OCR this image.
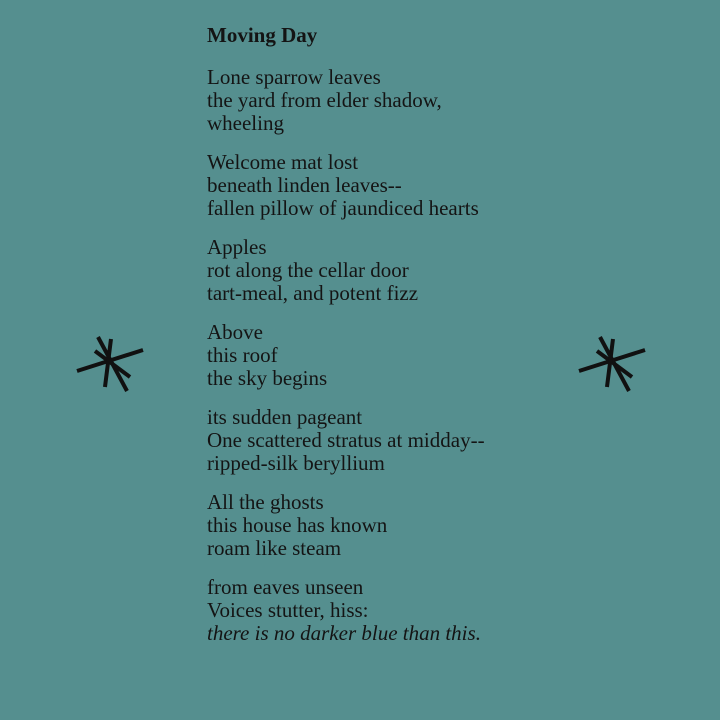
Moving Day
Lone sparrow leaves
the yard from elder shadow,
wheeling
Welcome mat lost
beneath linden leaves--
fallen pillow of jaundiced hearts
Apples
rot along the cellar door
tart-meal, and potent fizz
Above
this roof
the sky begins
its sudden pageant
One scattered stratus at midday--
ripped-silk beryllium
All the ghosts
this house has known
roam like steam
from eaves unseen
Voices stutter, hiss:
there is no darker blue than this.
